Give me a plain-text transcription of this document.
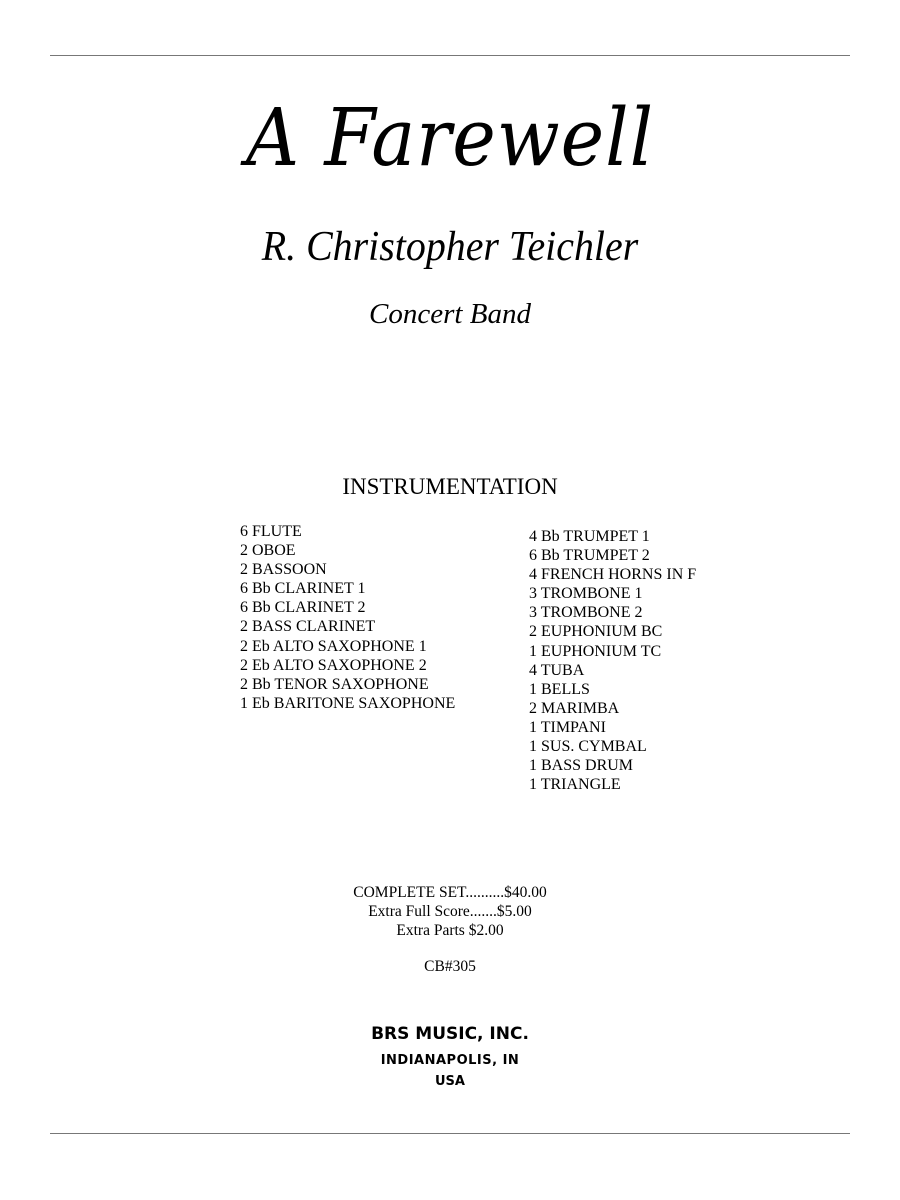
A Farewell
R. Christopher Teichler
Concert Band
INSTRUMENTATION
6 FLUTE
2 OBOE
2 BASSOON
6 Bb CLARINET 1
6 Bb CLARINET 2
2 BASS CLARINET
2 Eb ALTO SAXOPHONE 1
2 Eb ALTO SAXOPHONE 2
2 Bb TENOR SAXOPHONE
1 Eb BARITONE SAXOPHONE
4 Bb TRUMPET 1
6 Bb TRUMPET 2
4 FRENCH HORNS IN F
3 TROMBONE 1
3 TROMBONE 2
2 EUPHONIUM BC
1 EUPHONIUM TC
4 TUBA
1 BELLS
2 MARIMBA
1 TIMPANI
1 SUS. CYMBAL
1 BASS DRUM
1 TRIANGLE
COMPLETE SET..........$40.00
Extra Full Score.......$5.00
Extra Parts $2.00
CB#305
BRS MUSIC, INC.
INDIANAPOLIS, IN
USA
